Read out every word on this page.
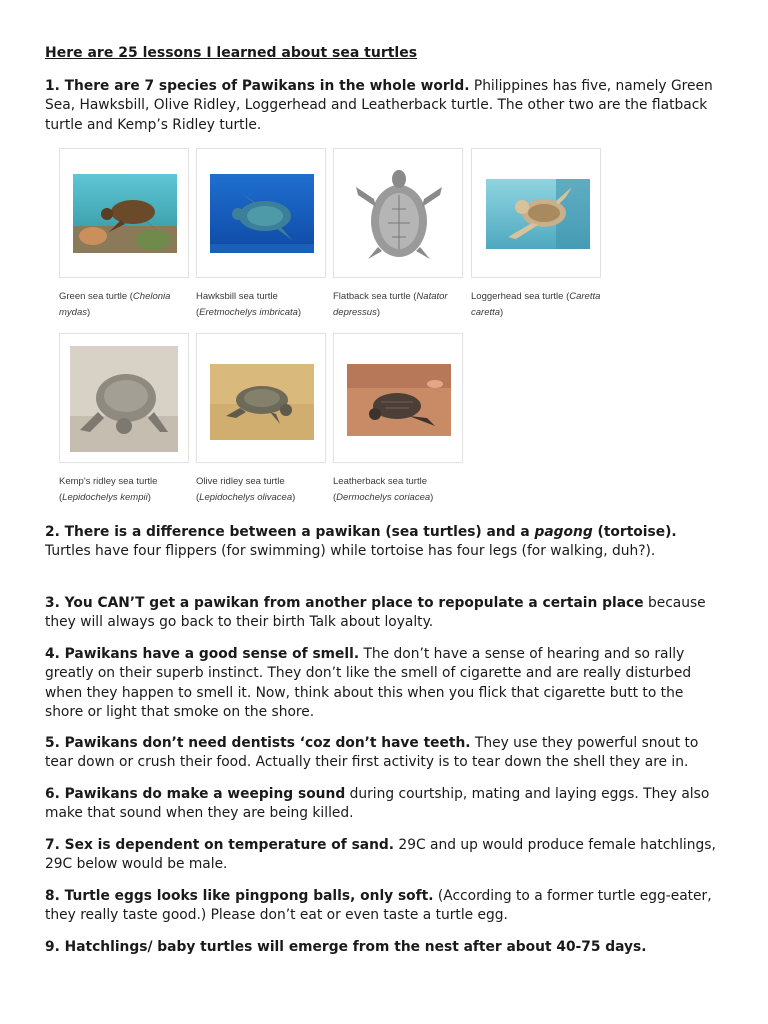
Here are 25 lessons I learned about sea turtles

1. There are 7 species of Pawikans in the whole world. Philippines has five, namely Green Sea, Hawksbill, Olive Ridley, Loggerhead and Leatherback turtle. The other two are the flatback turtle and Kemp’s Ridley turtle.

Green sea turtle (Chelonia mydas)

Hawksbill sea turtle (Eretmochelys imbricata)

Flatback sea turtle (Natator depressus)

Loggerhead sea turtle (Caretta caretta)

Kemp's ridley sea turtle (Lepidochelys kempii)

Olive ridley sea turtle (Lepidochelys olivacea)

Leatherback sea turtle (Dermochelys coriacea)

2. There is a difference between a pawikan (sea turtles) and a pagong (tortoise). Turtles have four flippers (for swimming) while tortoise has four legs (for walking, duh?).

3. You CAN’T get a pawikan from another place to repopulate a certain place because they will always go back to their birth Talk about loyalty.

4. Pawikans have a good sense of smell. The don’t have a sense of hearing and so rally greatly on their superb instinct. They don’t like the smell of cigarette and are really disturbed when they happen to smell it. Now, think about this when you flick that cigarette butt to the shore or light that smoke on the shore.

5. Pawikans don’t need dentists ‘coz don’t have teeth. They use they powerful snout to tear down or crush their food. Actually their first activity is to tear down the shell they are in.

6. Pawikans do make a weeping sound during courtship, mating and laying eggs. They also make that sound when they are being killed.

7. Sex is dependent on temperature of sand. 29C and up would produce female hatchlings, 29C below would be male.

8. Turtle eggs looks like pingpong balls, only soft. (According to a former turtle egg-eater, they really taste good.) Please don’t eat or even taste a turtle egg.

9. Hatchlings/ baby turtles will emerge from the nest after about 40-75 days.
